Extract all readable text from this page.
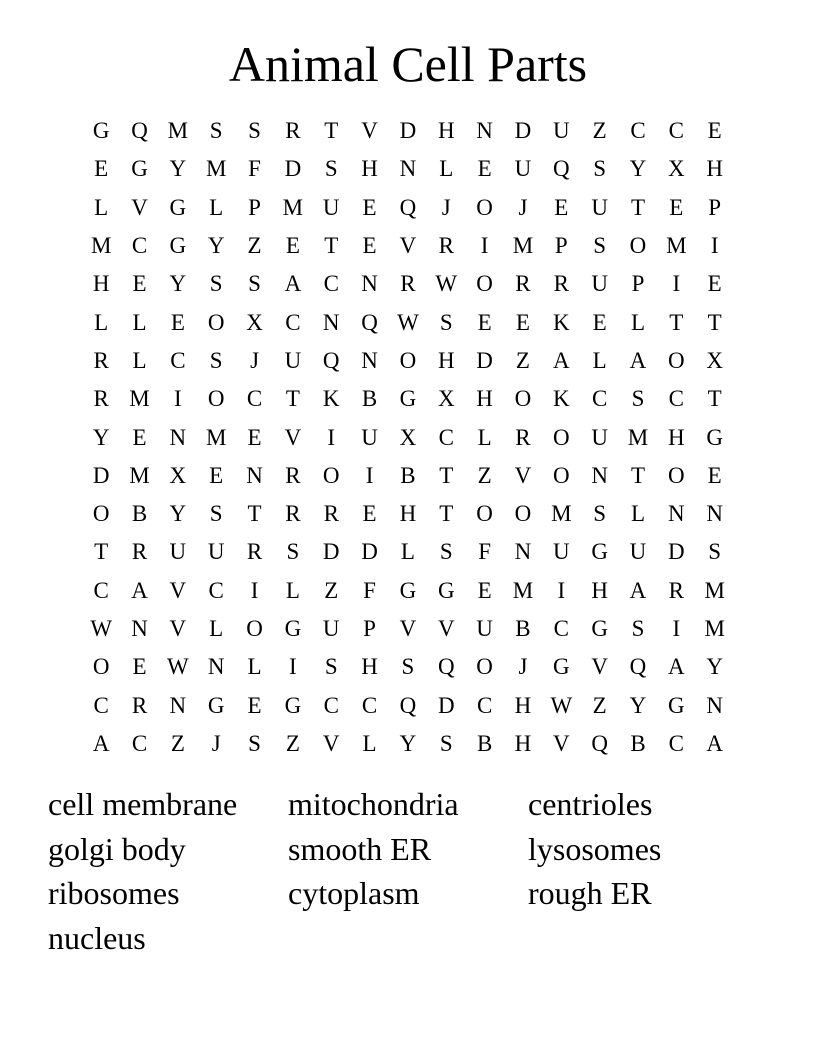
Animal Cell Parts
G Q M S	S	R	T	V D H N D U	Z	C	C	E
E	G Y M F	D	S	H N	L	E	U Q	S	Y X H
L	V G	L	P M U	E	Q	J	O	J	E	U	T	E	P
M C G Y	Z	E	T	E	V R	I	M P	S	O M	I
H	E	Y	S	S	A C N R W O R	R U	P	I	E
L	L	E	O X C N Q W S	E	E	K	E	L	T	T
R	L	C	S	J	U Q N O H D	Z	A	L	A O X
R M	I	O C	T	K B G X H O K C	S	C	T
Y	E	N M E	V	I	U X C	L	R O U M H G
D M X	E	N R O	I	B	T	Z	V O N	T	O	E
O B Y	S	T	R	R	E	H	T	O O M S	L	N N
T	R U U R	S	D D	L	S	F	N U G U D	S
C A V C	I	L	Z	F	G G	E M	I	H A R M
W N V	L	O G U	P	V V U B	C G	S	I	M
O	E W N	L	I	S	H	S	Q O	J	G V Q A Y
C	R N G	E	G C	C Q D C H W Z	Y G N
A C	Z	J	S	Z	V	L	Y	S	B H V Q B	C A
cell membrane	mitochondria	centrioles
golgi body	smooth ER	lysosomes
ribosomes	cytoplasm	rough ER
nucleus
